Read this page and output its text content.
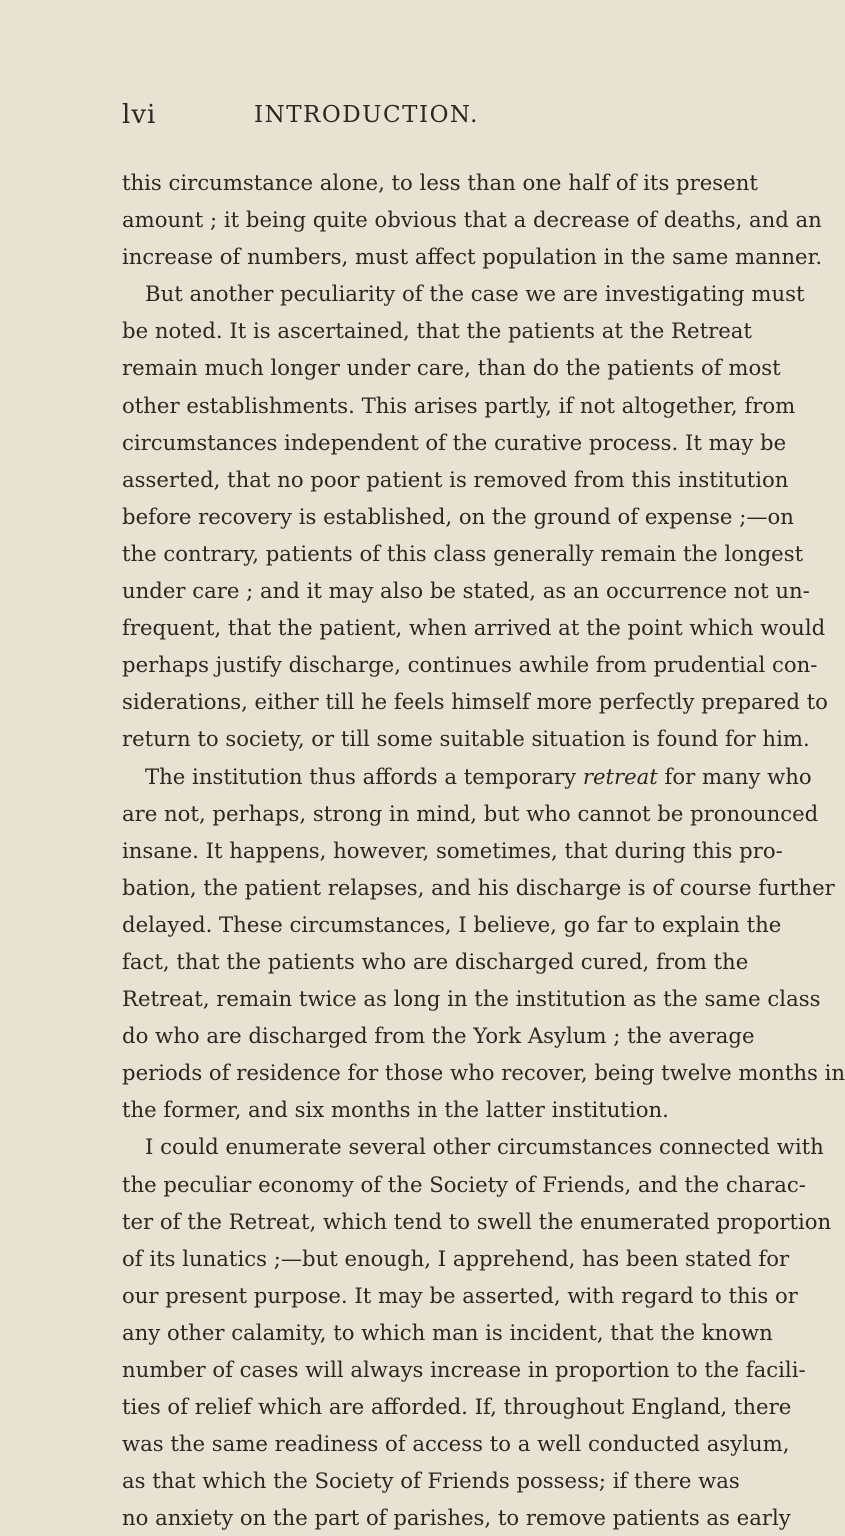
lvi	INTRODUCTION.
this circumstance alone, to less than one half of its present
amount ; it being quite obvious that a decrease of deaths, and an
increase of numbers, must affect population in the same manner.
But another peculiarity of the case we are investigating must
be noted. It is ascertained, that the patients at the Retreat
remain much longer under care, than do the patients of most
other establishments. This arises partly, if not altogether, from
circumstances independent of the curative process. It may be
asserted, that no poor patient is removed from this institution
before recovery is established, on the ground of expense ;—on
the contrary, patients of this class generally remain the longest
under care ; and it may also be stated, as an occurrence not un-
frequent, that the patient, when arrived at the point which would
perhaps justify discharge, continues awhile from prudential con-
siderations, either till he feels himself more perfectly prepared to
return to society, or till some suitable situation is found for him.
The institution thus affords a temporary retreat for many who
are not, perhaps, strong in mind, but who cannot be pronounced
insane. It happens, however, sometimes, that during this pro-
bation, the patient relapses, and his discharge is of course further
delayed. These circumstances, I believe, go far to explain the
fact, that the patients who are discharged cured, from the
Retreat, remain twice as long in the institution as the same class
do who are discharged from the York Asylum ; the average
periods of residence for those who recover, being twelve months in
the former, and six months in the latter institution.
I could enumerate several other circumstances connected with
the peculiar economy of the Society of Friends, and the charac-
ter of the Retreat, which tend to swell the enumerated proportion
of its lunatics ;—but enough, I apprehend, has been stated for
our present purpose. It may be asserted, with regard to this or
any other calamity, to which man is incident, that the known
number of cases will always increase in proportion to the facili-
ties of relief which are afforded. If, throughout England, there
was the same readiness of access to a well conducted asylum,
as that which the Society of Friends possess; if there was
no anxiety on the part of parishes, to remove patients as early
